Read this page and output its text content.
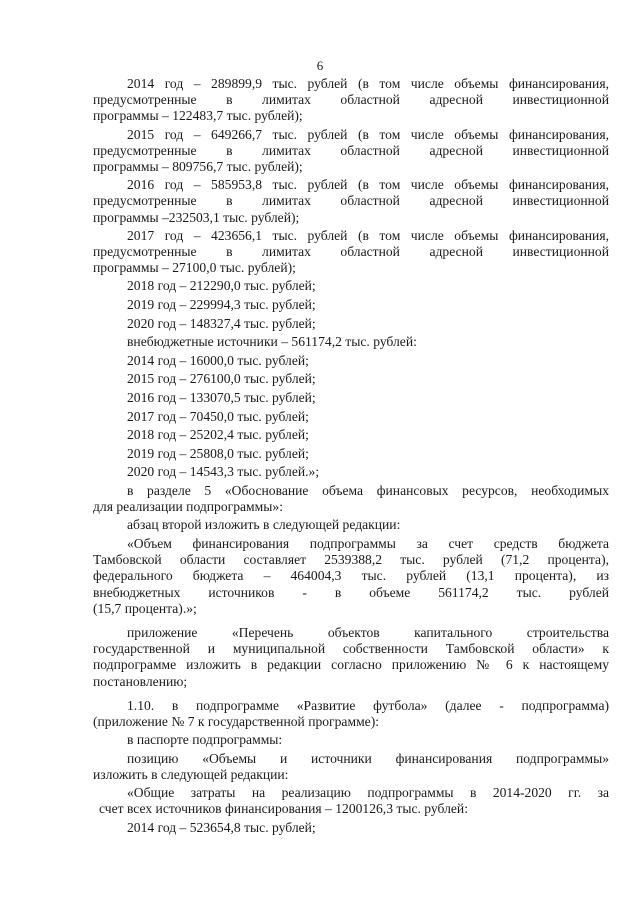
6
2014 год – 289899,9 тыс. рублей (в том числе объемы финансирования,
предусмотренные в лимитах областной адресной инвестиционной
программы – 122483,7 тыс. рублей);
2015 год – 649266,7 тыс. рублей (в том числе объемы финансирования,
предусмотренные в лимитах областной адресной инвестиционной
программы – 809756,7 тыс. рублей);
2016 год – 585953,8 тыс. рублей (в том числе объемы финансирования,
предусмотренные в лимитах областной адресной инвестиционной
программы –232503,1 тыс. рублей);
2017 год – 423656,1 тыс. рублей (в том числе объемы финансирования,
предусмотренные в лимитах областной адресной инвестиционной
программы – 27100,0 тыс. рублей);
2018 год – 212290,0 тыс. рублей;
2019 год – 229994,3 тыс. рублей;
2020 год – 148327,4 тыс. рублей;
внебюджетные источники – 561174,2 тыс. рублей:
2014 год – 16000,0 тыс. рублей;
2015 год – 276100,0 тыс. рублей;
2016 год – 133070,5 тыс. рублей;
2017 год – 70450,0 тыс. рублей;
2018 год – 25202,4 тыс. рублей;
2019 год – 25808,0 тыс. рублей;
2020 год – 14543,3 тыс. рублей.»;
в разделе 5 «Обоснование объема финансовых ресурсов, необходимых
для реализации подпрограммы»:
абзац второй изложить в следующей редакции:
«Объем финансирования подпрограммы за счет средств бюджета
Тамбовской области составляет 2539388,2 тыс. рублей (71,2 процента),
федерального бюджета – 464004,3 тыс. рублей (13,1 процента), из
внебюджетных источников - в объеме 561174,2 тыс. рублей
(15,7 процента).»;
приложение «Перечень объектов капитального строительства
государственной и муниципальной собственности Тамбовской области» к
подпрограмме изложить в редакции согласно приложению № 6 к настоящему
постановлению;
1.10. в подпрограмме «Развитие футбола» (далее - подпрограмма)
(приложение № 7 к государственной программе):
в паспорте подпрограммы:
позицию «Объемы и источники финансирования подпрограммы»
изложить в следующей редакции:
«Общие затраты на реализацию подпрограммы в 2014-2020 гг. за
счет всех источников финансирования – 1200126,3 тыс. рублей:
2014 год – 523654,8 тыс. рублей;
